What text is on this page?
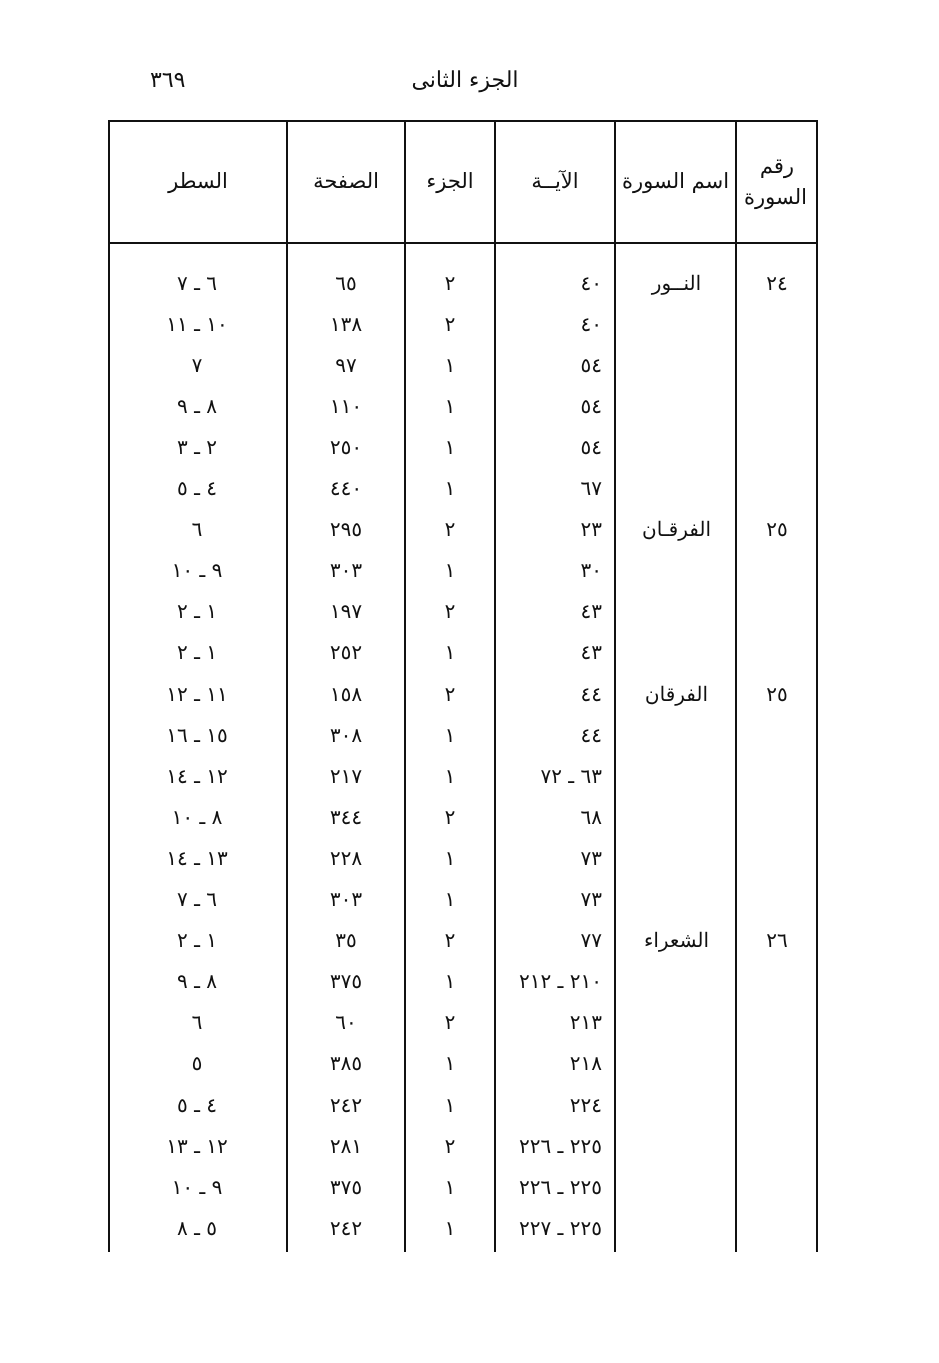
٣٦٩	الجزء الثانى
رقم السورة
اسم السورة
الآيــة
الجزء
الصفحة
السطر
٢٤
النــور
٤٠
٢
٦٥
٦ ـ ٧
٤٠
٢
١٣٨
١٠ ـ ١١
٥٤
١
٩٧
٧
٥٤
١
١١٠
٨ ـ ٩
٥٤
١
٢٥٠
٢ ـ ٣
٦٧
١
٤٤٠
٤ ـ ٥
٢٥
الفرقـان
٢٣
٢
٢٩٥
٦
٣٠
١
٣٠٣
٩ ـ ١٠
٤٣
٢
١٩٧
١ ـ ٢
٤٣
١
٢٥٢
١ ـ ٢
٢٥
الفرقان
٤٤
٢
١٥٨
١١ ـ ١٢
٤٤
١
٣٠٨
١٥ ـ ١٦
٦٣ ـ ٧٢
١
٢١٧
١٢ ـ ١٤
٦٨
٢
٣٤٤
٨ ـ ١٠
٧٣
١
٢٢٨
١٣ ـ ١٤
٧٣
١
٣٠٣
٦ ـ ٧
٢٦
الشعراء
٧٧
٢
٣٥
١ ـ ٢
٢١٠ ـ ٢١٢
١
٣٧٥
٨ ـ ٩
٢١٣
٢
٦٠
٦
٢١٨
١
٣٨٥
٥
٢٢٤
١
٢٤٢
٤ ـ ٥
٢٢٥ ـ ٢٢٦
٢
٢٨١
١٢ ـ ١٣
٢٢٥ ـ ٢٢٦
١
٣٧٥
٩ ـ ١٠
٢٢٥ ـ ٢٢٧
١
٢٤٢
٥ ـ ٨
